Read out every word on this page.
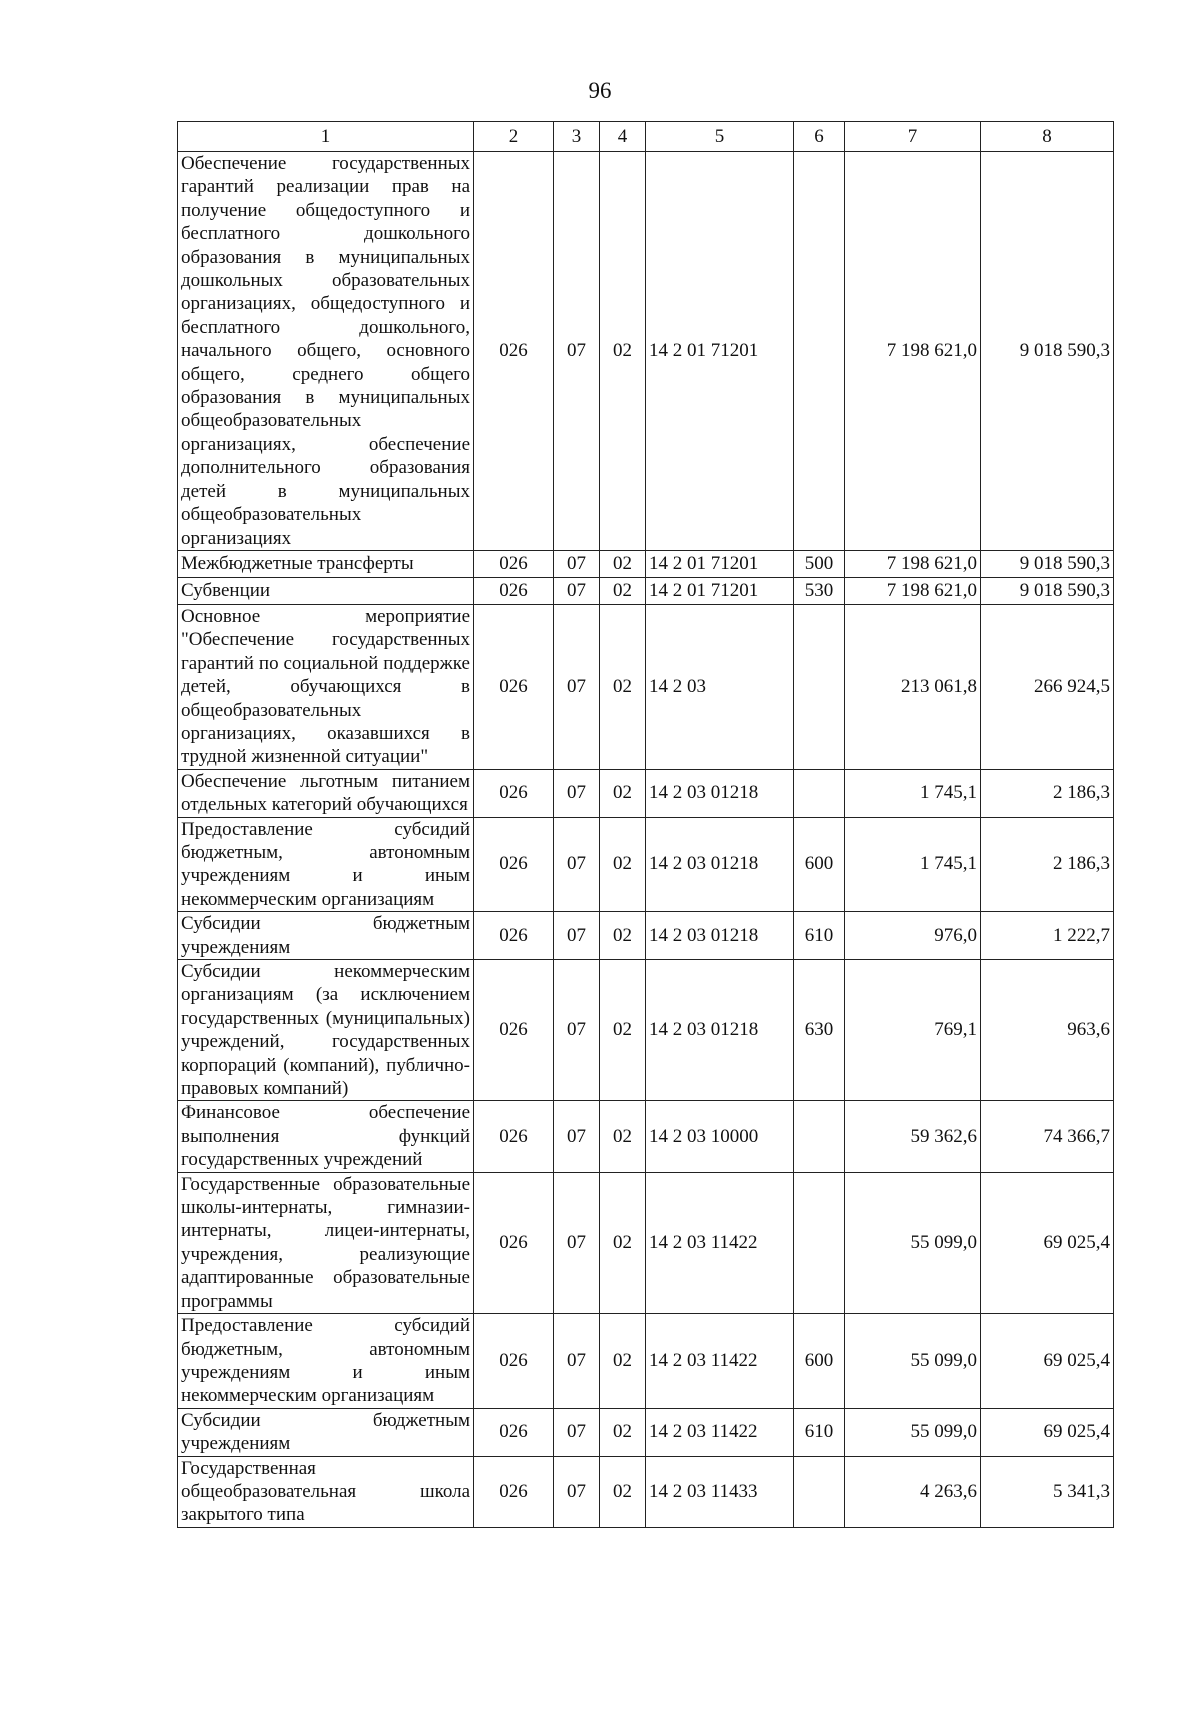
96
1	2	3	4	5	6	7	8
Обеспечение государственных гарантий реализации прав на получение общедоступного и бесплатного дошкольного образования в муниципальных дошкольных образовательных организациях, общедоступного и бесплатного дошкольного, начального общего, основного общего, среднего общего образования в муниципальных общеобразовательных организациях, обеспечение дополнительного образования детей в муниципальных общеобразовательных организациях	026	07	02	14 2 01 71201		7 198 621,0	9 018 590,3
Межбюджетные трансферты	026	07	02	14 2 01 71201	500	7 198 621,0	9 018 590,3
Субвенции	026	07	02	14 2 01 71201	530	7 198 621,0	9 018 590,3
Основное мероприятие "Обеспечение государственных гарантий по социальной поддержке детей, обучающихся в общеобразовательных организациях, оказавшихся в трудной жизненной ситуации"	026	07	02	14 2 03		213 061,8	266 924,5
Обеспечение льготным питанием отдельных категорий обучающихся	026	07	02	14 2 03 01218		1 745,1	2 186,3
Предоставление субсидий бюджетным, автономным учреждениям и иным некоммерческим организациям	026	07	02	14 2 03 01218	600	1 745,1	2 186,3
Субсидии бюджетным учреждениям	026	07	02	14 2 03 01218	610	976,0	1 222,7
Субсидии некоммерческим организациям (за исключением государственных (муниципальных) учреждений, государственных корпораций (компаний), публично-правовых компаний)	026	07	02	14 2 03 01218	630	769,1	963,6
Финансовое обеспечение выполнения функций государственных учреждений	026	07	02	14 2 03 10000		59 362,6	74 366,7
Государственные образовательные школы-интернаты, гимназии-интернаты, лицеи-интернаты, учреждения, реализующие адаптированные образовательные программы	026	07	02	14 2 03 11422		55 099,0	69 025,4
Предоставление субсидий бюджетным, автономным учреждениям и иным некоммерческим организациям	026	07	02	14 2 03 11422	600	55 099,0	69 025,4
Субсидии бюджетным учреждениям	026	07	02	14 2 03 11422	610	55 099,0	69 025,4
Государственная общеобразовательная школа закрытого типа	026	07	02	14 2 03 11433		4 263,6	5 341,3
